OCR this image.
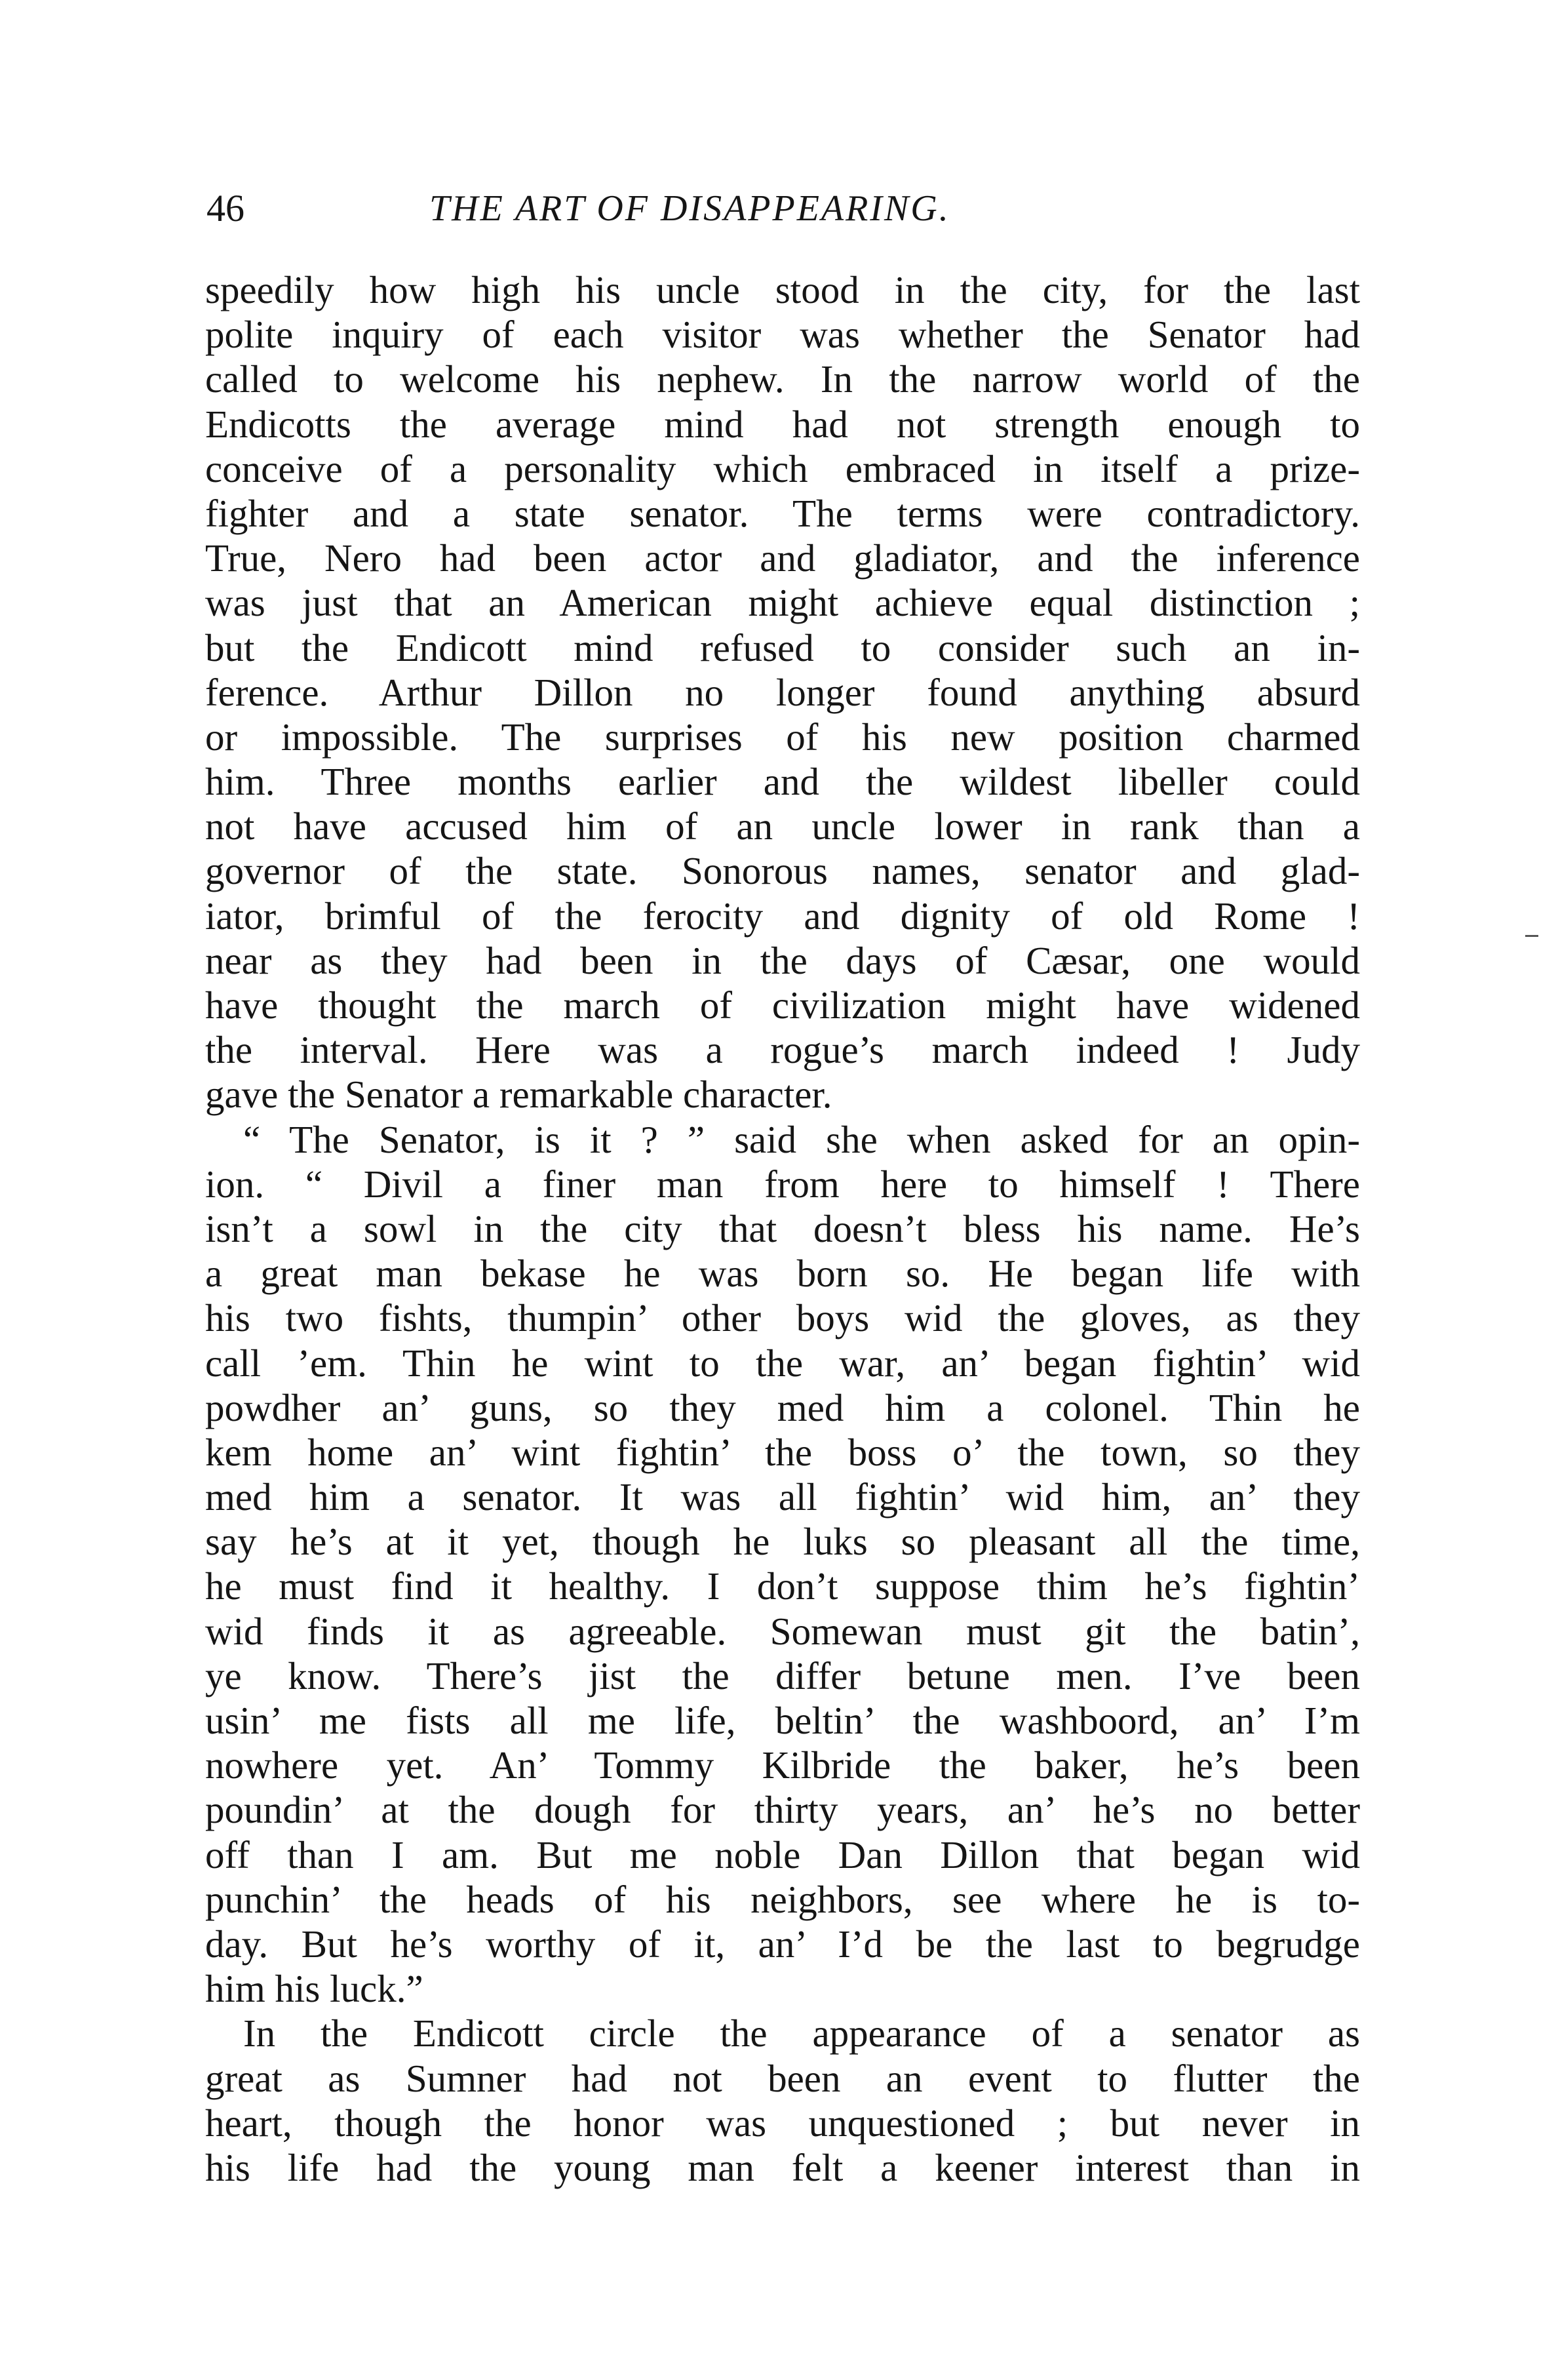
46	THE ART OF DISAPPEARING.
speedily how high his uncle stood in the city, for the last
polite inquiry of each visitor was whether the Senator had
called to welcome his nephew. In the narrow world of the
Endicotts the average mind had not strength enough to
conceive of a personality which embraced in itself a prize-
fighter and a state senator. The terms were contradictory.
True, Nero had been actor and gladiator, and the inference
was just that an American might achieve equal distinction ;
but the Endicott mind refused to consider such an in-
ference. Arthur Dillon no longer found anything absurd
or impossible. The surprises of his new position charmed
him. Three months earlier and the wildest libeller could
not have accused him of an uncle lower in rank than a
governor of the state. Sonorous names, senator and glad-
iator, brimful of the ferocity and dignity of old Rome !
near as they had been in the days of Cæsar, one would
have thought the march of civilization might have widened
the interval. Here was a rogue’s march indeed ! Judy
gave the Senator a remarkable character.
“ The Senator, is it ? ” said she when asked for an opin-
ion. “ Divil a finer man from here to himself ! There
isn’t a sowl in the city that doesn’t bless his name. He’s
a great man bekase he was born so. He began life with
his two fishts, thumpin’ other boys wid the gloves, as they
call ’em. Thin he wint to the war, an’ began fightin’ wid
powdher an’ guns, so they med him a colonel. Thin he
kem home an’ wint fightin’ the boss o’ the town, so they
med him a senator. It was all fightin’ wid him, an’ they
say he’s at it yet, though he luks so pleasant all the time,
he must find it healthy. I don’t suppose thim he’s fightin’
wid finds it as agreeable. Somewan must git the batin’,
ye know. There’s jist the differ betune men. I’ve been
usin’ me fists all me life, beltin’ the washboord, an’ I’m
nowhere yet. An’ Tommy Kilbride the baker, he’s been
poundin’ at the dough for thirty years, an’ he’s no better
off than I am. But me noble Dan Dillon that began wid
punchin’ the heads of his neighbors, see where he is to-
day. But he’s worthy of it, an’ I’d be the last to begrudge
him his luck.”
In the Endicott circle the appearance of a senator as
great as Sumner had not been an event to flutter the
heart, though the honor was unquestioned ; but never in
his life had the young man felt a keener interest than in
